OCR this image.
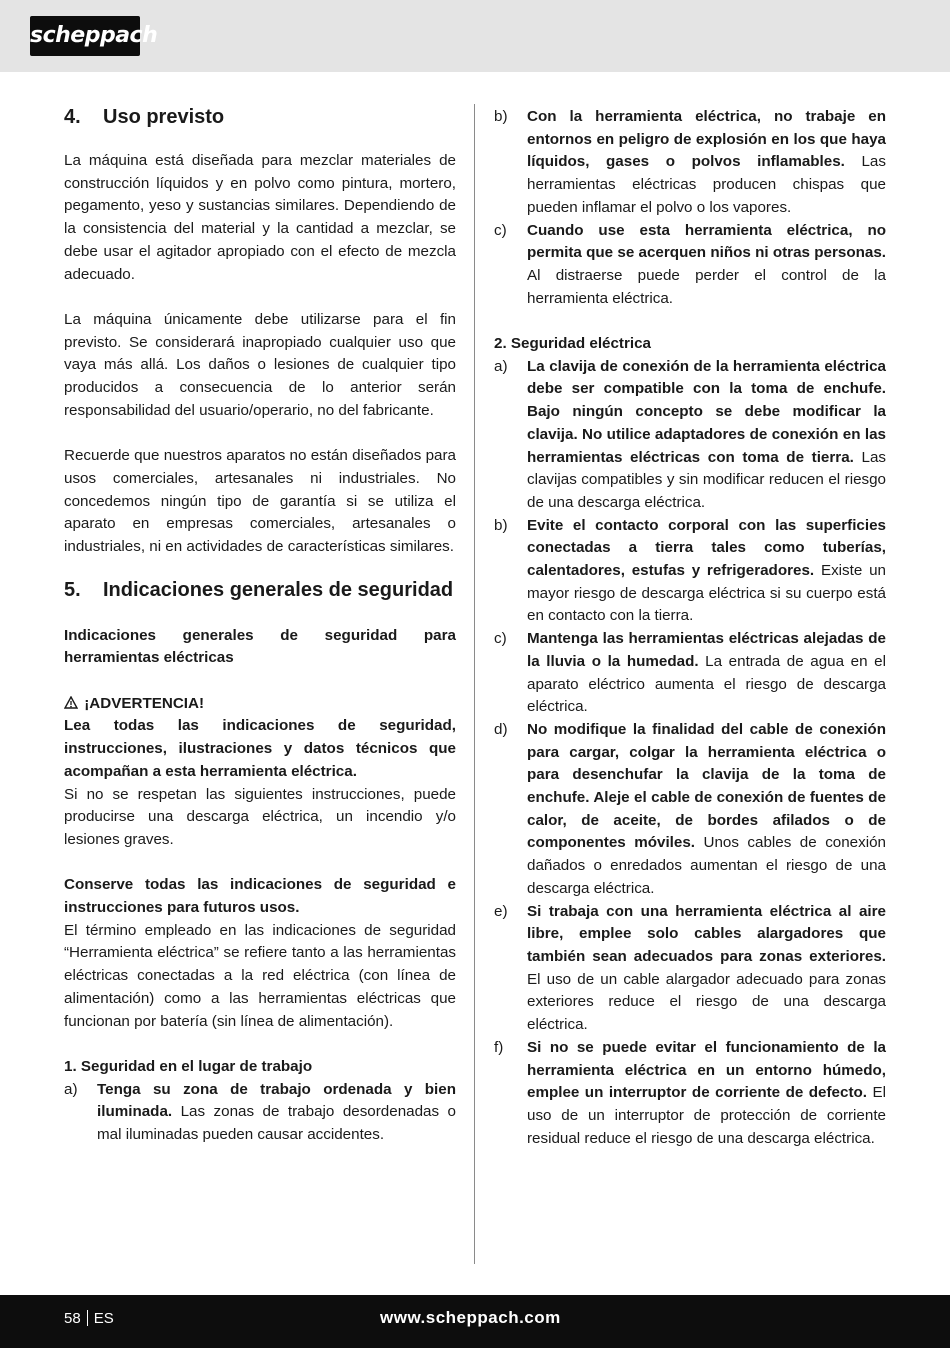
scheppach
4.	Uso previsto

La máquina está diseñada para mezclar materiales de construcción líquidos y en polvo como pintura, mortero, pegamento, yeso y sustancias similares. Dependiendo de la consistencia del material y la cantidad a mezclar, se debe usar el agitador apropiado con el efecto de mezcla adecuado.

La máquina únicamente debe utilizarse para el fin previsto. Se considerará inapropiado cualquier uso que vaya más allá. Los daños o lesiones de cualquier tipo producidos a consecuencia de lo anterior serán responsabilidad del usuario/operario, no del fabricante.

Recuerde que nuestros aparatos no están diseñados para usos comerciales, artesanales ni industriales. No concedemos ningún tipo de garantía si se utiliza el aparato en empresas comerciales, artesanales o industriales, ni en actividades de características similares.

5.	Indicaciones generales de seguridad

Indicaciones generales de seguridad para herramientas eléctricas

¡ADVERTENCIA!

Lea todas las indicaciones de seguridad, instrucciones, ilustraciones y datos técnicos que acompañan a esta herramienta eléctrica.

Si no se respetan las siguientes instrucciones, puede producirse una descarga eléctrica, un incendio y/o lesiones graves.

Conserve todas las indicaciones de seguridad e instrucciones para futuros usos.

El término empleado en las indicaciones de seguridad “Herramienta eléctrica” se refiere tanto a las herramientas eléctricas conectadas a la red eléctrica (con línea de alimentación) como a las herramientas eléctricas que funcionan por batería (sin línea de alimentación).

1. Seguridad en el lugar de trabajo

a)	Tenga su zona de trabajo ordenada y bien iluminada. Las zonas de trabajo desordenadas o mal iluminadas pueden causar accidentes.
b)	Con la herramienta eléctrica, no trabaje en entornos en peligro de explosión en los que haya líquidos, gases o polvos inflamables. Las herramientas eléctricas producen chispas que pueden inflamar el polvo o los vapores.
c)	Cuando use esta herramienta eléctrica, no permita que se acerquen niños ni otras personas. Al distraerse puede perder el control de la herramienta eléctrica.

2. Seguridad eléctrica

a)	La clavija de conexión de la herramienta eléctrica debe ser compatible con la toma de enchufe. Bajo ningún concepto se debe modificar la clavija. No utilice adaptadores de conexión en las herramientas eléctricas con toma de tierra. Las clavijas compatibles y sin modificar reducen el riesgo de una descarga eléctrica.
b)	Evite el contacto corporal con las superficies conectadas a tierra tales como tuberías, calentadores, estufas y refrigeradores. Existe un mayor riesgo de descarga eléctrica si su cuerpo está en contacto con la tierra.
c)	Mantenga las herramientas eléctricas alejadas de la lluvia o la humedad. La entrada de agua en el aparato eléctrico aumenta el riesgo de descarga eléctrica.
d)	No modifique la finalidad del cable de conexión para cargar, colgar la herramienta eléctrica o para desenchufar la clavija de la toma de enchufe. Aleje el cable de conexión de fuentes de calor, de aceite, de bordes afilados o de componentes móviles. Unos cables de conexión dañados o enredados aumentan el riesgo de una descarga eléctrica.
e)	Si trabaja con una herramienta eléctrica al aire libre, emplee solo cables alargadores que también sean adecuados para zonas exteriores. El uso de un cable alargador adecuado para zonas exteriores reduce el riesgo de una descarga eléctrica.
f)	Si no se puede evitar el funcionamiento de la herramienta eléctrica en un entorno húmedo, emplee un interruptor de corriente de defecto. El uso de un interruptor de protección de corriente residual reduce el riesgo de una descarga eléctrica.
58 ES	www.scheppach.com
